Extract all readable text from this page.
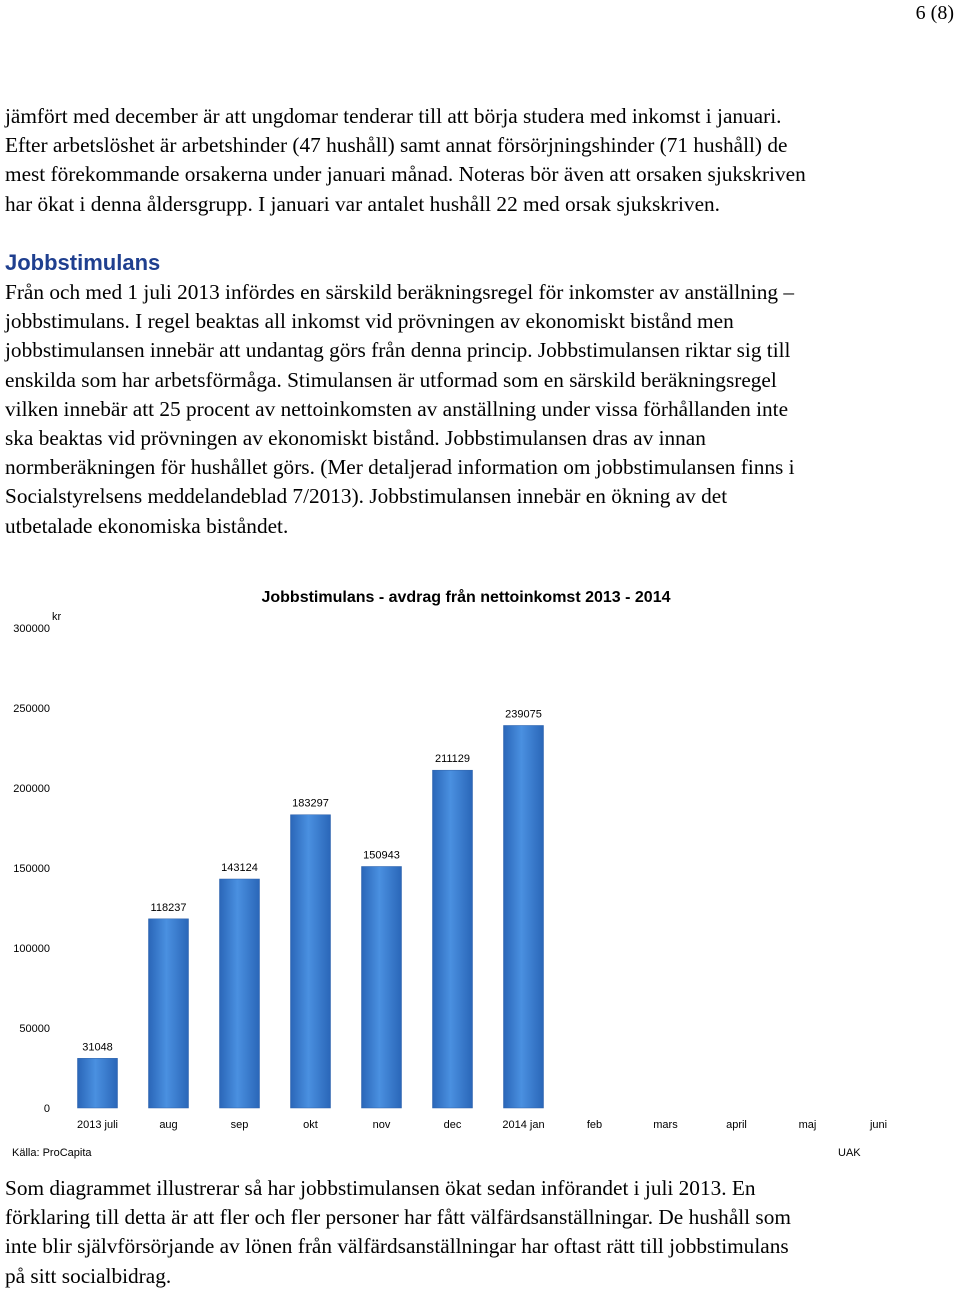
6 (8)

jämfört med december är att ungdomar tenderar till att börja studera med inkomst i januari.
Efter arbetslöshet är arbetshinder (47 hushåll) samt annat försörjningshinder (71 hushåll) de
mest förekommande orsakerna under januari månad. Noteras bör även att orsaken sjukskriven
har ökat i denna åldersgrupp. I januari var antalet hushåll 22 med orsak sjukskriven.

Jobbstimulans

Från och med 1 juli 2013 infördes en särskild beräkningsregel för inkomster av anställning –
jobbstimulans. I regel beaktas all inkomst vid prövningen av ekonomiskt bistånd men
jobbstimulansen innebär att undantag görs från denna princip. Jobbstimulansen riktar sig till
enskilda som har arbetsförmåga. Stimulansen är utformad som en särskild beräkningsregel
vilken innebär att 25 procent av nettoinkomsten av anställning under vissa förhållanden inte
ska beaktas vid prövningen av ekonomiskt bistånd. Jobbstimulansen dras av innan
normberäkningen för hushållet görs. (Mer detaljerad information om jobbstimulansen finns i
Socialstyrelsens meddelandeblad 7/2013). Jobbstimulansen innebär en ökning av det
utbetalade ekonomiska biståndet.

Jobbstimulans - avdrag från nettoinkomst 2013 - 2014
kr
0
50000
100000
150000
200000
250000
300000
31048
118237
143124
183297
150943
211129
239075
2013 juli	aug	sep	okt	nov	dec	2014 jan	feb	mars	april	maj	juni
Källa: ProCapita	UAK

Som diagrammet illustrerar så har jobbstimulansen ökat sedan införandet i juli 2013. En
förklaring till detta är att fler och fler personer har fått välfärdsanställningar. De hushåll som
inte blir självförsörjande av lönen från välfärdsanställningar har oftast rätt till jobbstimulans
på sitt socialbidrag.
